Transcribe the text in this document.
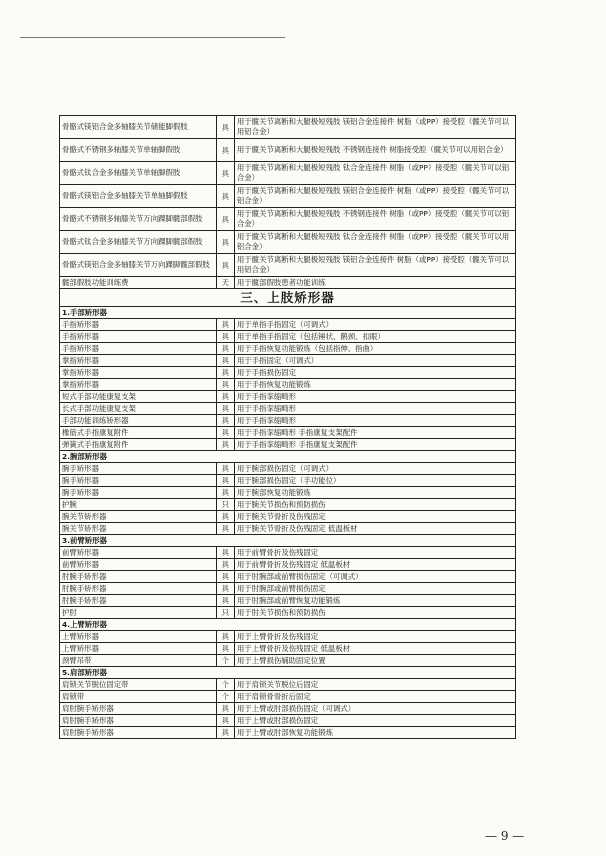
骨骼式镁铝合金多轴膝关节储能脚假肢	具	用于髋关节离断和大腿极短残肢 镁铝合金连接件 树脂（或PP）接受腔（髋关节可以用铝合金）
骨骼式不锈钢多轴膝关节单轴脚假肢	具	用于髋关节离断和大腿极短残肢 不锈钢连接件 树脂接受腔（髋关节可以用铝合金）
骨骼式钛合金多轴膝关节单轴脚假肢	具	用于髋关节离断和大腿极短残肢 钛合金连接件 树脂（或PP）接受腔（髋关节可以铝合金）
骨骼式镁铝合金多轴膝关节单轴脚假肢	具	用于髋关节离断和大腿极短残肢 镁铝合金连接件 树脂（或PP）接受腔（髋关节可以铝合金）
骨骼式不锈钢多轴膝关节万向踝脚髋部假肢	具	用于髋关节离断和大腿极短残肢 不锈钢连接件 树脂（或PP）接受腔（髋关节可以铝合金）
骨骼式钛合金多轴膝关节万向踝脚髋部假肢	具	用于髋关节离断和大腿极短残肢 钛合金连接件 树脂（或PP）接受腔（髋关节可以用铝合金）
骨骼式镁铝合金多轴膝关节万向踝脚髋部假肢	具	用于髋关节离断和大腿极短残肢 镁铝合金连接件 树脂（或PP）接受腔（髋关节可以用铝合金）
髋部假肢功能训练费	天	用于髋部假肢患者功能训练
三、上肢矫形器		
1.手部矫形器		
手指矫形器	具	用于单指手指固定（可调式）
手指矫形器	具	用于单指手指固定（包括锤状、鹅颈、扣眼）
手指矫形器	具	用于手指恢复功能锻炼（包括指伸、指曲）
掌指矫形器	具	用于手指固定（可调式）
掌指矫形器	具	用于手指损伤固定
掌指矫形器	具	用于手指恢复功能锻炼
短式手部功能康复支架	具	用于手指挛缩畸形
长式手部功能康复支架	具	用于手指挛缩畸形
手部功能训练矫形器	具	用于手指挛缩畸形
橡筋式手指康复附件	具	用于手指挛缩畸形 手指康复支架配件
弹簧式手指康复附件	具	用于手指挛缩畸形 手指康复支架配件
2.腕部矫形器		
腕手矫形器	具	用于腕部损伤固定（可调式）
腕手矫形器	具	用于腕部损伤固定（手功能位）
腕手矫形器	具	用于腕部恢复功能锻炼
护腕	只	用于腕关节损伤和预防损伤
腕关节矫形器	具	用于腕关节骨折及伤残固定
腕关节矫形器	具	用于腕关节骨折及伤残固定 低温板材
3.前臂矫形器		
前臂矫形器	具	用于前臂骨折及伤残固定
前臂矫形器	具	用于前臂骨折及伤残固定 低温板材
肘腕手矫形器	具	用于肘腕部或前臂损伤固定（可调式）
肘腕手矫形器	具	用于肘腕部或前臂损伤固定
肘腕手矫形器	具	用于肘腕部或前臂恢复功能锻炼
护肘	只	用于肘关节损伤和预防损伤
4.上臂矫形器		
上臂矫形器	具	用于上臂骨折及伤残固定
上臂矫形器	具	用于上臂骨折及伤残固定 低温板材
颈臂吊带	个	用于上臂损伤辅助固定位置
5.肩部矫形器		
肩锁关节脱位固定带	个	用于肩锁关节脱位后固定
肩锁带	个	用于肩锁骨骨折后固定
肩肘腕手矫形器	具	用于上臂或肘部损伤固定（可调式）
肩肘腕手矫形器	具	用于上臂或肘部损伤固定
肩肘腕手矫形器	具	用于上臂或肘部恢复功能锻炼
— 9 —
